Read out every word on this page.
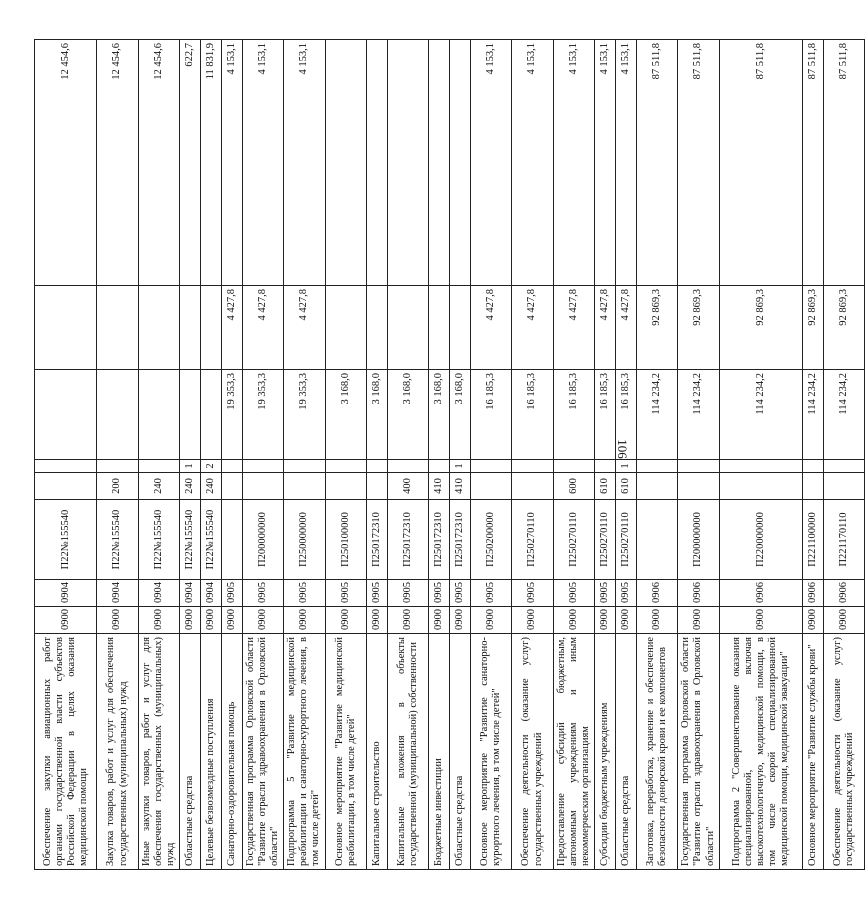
106
Обеспечение закупки авиационных работ органами государственной власти субъектов Российской Федерации в целях оказания медицинской помощи	0900	0904	П22№155540					12 454,6
Закупка товаров, работ и услуг для обеспечения государственных (муниципальных) нужд	0900	0904	П22№155540	200				12 454,6
Иные закупки товаров, работ и услуг для обеспечения государственных (муниципальных) нужд	0900	0904	П22№155540	240				12 454,6
Областные средства	0900	0904	П22№155540	240	1			622,7
Целевые безвозмездные поступления	0900	0904	П22№155540	240	2			11 831,9
Санаторно-оздоровительная помощь	0900	0905				19 353,3	4 427,8	4 153,1
Государственная программа Орловской области "Развитие отрасли здравоохранения в Орловской области"	0900	0905	П200000000			19 353,3	4 427,8	4 153,1
Подпрограмма 5 "Развитие медицинской реабилитации и санаторно-курортного лечения, в том числе детей"	0900	0905	П250000000			19 353,3	4 427,8	4 153,1
Основное мероприятие "Развитие медицинской реабилитации, в том числе детей"	0900	0905	П250100000			3 168,0		
Капитальное строительство	0900	0905	П250172310			3 168,0		
Капитальные вложения в объекты государственной (муниципальной) собственности	0900	0905	П250172310	400		3 168,0		
Бюджетные инвестиции	0900	0905	П250172310	410		3 168,0		
Областные средства	0900	0905	П250172310	410	1	3 168,0		
Основное мероприятие "Развитие санаторно-курортного лечения, в том числе детей"	0900	0905	П250200000			16 185,3	4 427,8	4 153,1
Обеспечение деятельности (оказание услуг) государственных учреждений	0900	0905	П250270110			16 185,3	4 427,8	4 153,1
Предоставление субсидий бюджетным, автономным учреждениям и иным некоммерческим организациям	0900	0905	П250270110	600		16 185,3	4 427,8	4 153,1
Субсидии бюджетным учреждениям	0900	0905	П250270110	610		16 185,3	4 427,8	4 153,1
Областные средства	0900	0905	П250270110	610	1	16 185,3	4 427,8	4 153,1
Заготовка, переработка, хранение и обеспечение безопасности донорской крови и ее компонентов	0900	0906				114 234,2	92 869,3	87 511,8
Государственная программа Орловской области "Развитие отрасли здравоохранения в Орловской области"	0900	0906	П200000000			114 234,2	92 869,3	87 511,8
Подпрограмма 2 "Совершенствование оказания специализированной, включая высокотехнологичную, медицинской помощи, в том числе скорой специализированной медицинской помощи, медицинской эвакуации"	0900	0906	П220000000			114 234,2	92 869,3	87 511,8
Основное мероприятие "Развитие службы крови"	0900	0906	П221100000			114 234,2	92 869,3	87 511,8
Обеспечение деятельности (оказание услуг) государственных учреждений	0900	0906	П221170110			114 234,2	92 869,3	87 511,8
